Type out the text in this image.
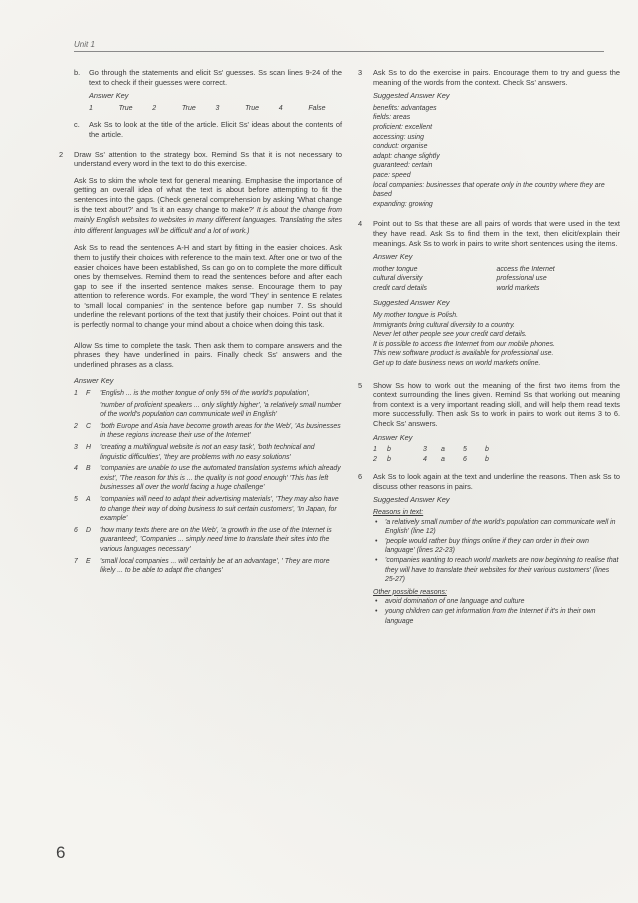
Unit 1
b. Go through the statements and elicit Ss' guesses. Ss scan lines 9-24 of the text to check if their guesses were correct.

Answer Key
1	True	2	True	3	True	4	False
c. Ask Ss to look at the title of the article. Elicit Ss' ideas about the contents of the article.

2 Draw Ss' attention to the strategy box. Remind Ss that it is not necessary to understand every word in the text to do this exercise.

Ask Ss to skim the whole text for general meaning. Emphasise the importance of getting an overall idea of what the text is about before attempting to fit the sentences into the gaps. (Check general comprehension by asking 'What change is the text about?' and 'Is it an easy change to make?' It is about the change from mainly English websites to websites in many different languages. Translating the sites into different languages will be difficult and a lot of work.)

Ask Ss to read the sentences A-H and start by fitting in the easier choices. Ask them to justify their choices with reference to the main text. After one or two of the easier choices have been established, Ss can go on to complete the more difficult ones by themselves. Remind them to read the sentences before and after each gap to see if the inserted sentence makes sense. Encourage them to pay attention to reference words. For example, the word 'They' in sentence E relates to 'small local companies' in the sentence before gap number 7. Ss should underline the relevant portions of the text that justify their choices. Point out that it is perfectly normal to change your mind about a choice when doing this task.

Allow Ss time to complete the task. Then ask them to compare answers and the phrases they have underlined in pairs. Finally check Ss' answers and the underlined phrases as a class.

Answer Key
1	F	'English ... is the mother tongue of only 5% of the world's population',
'number of proficient speakers ... only slightly higher', 'a relatively small number of the world's population can communicate well in English'
2	C	'both Europe and Asia have become growth areas for the Web', 'As businesses in these regions increase their use of the Internet'
3	H	'creating a multilingual website is not an easy task', 'both technical and linguistic difficulties', 'they are problems with no easy solutions'
4	B	'companies are unable to use the automated translation systems which already exist', 'The reason for this is ... the quality is not good enough' 'This has left businesses all over the world facing a huge challenge'
5	A	'companies will need to adapt their advertising materials', 'They may also have to change their way of doing business to suit certain customers', 'In Japan, for example'
6	D	'how many texts there are on the Web', 'a growth in the use of the Internet is guaranteed', 'Companies ... simply need time to translate their sites into the various languages necessary'
7	E	'small local companies ... will certainly be at an advantage', ' They are more likely ... to be able to adapt the changes'
3 Ask Ss to do the exercise in pairs. Encourage them to try and guess the meaning of the words from the context. Check Ss' answers.

Suggested Answer Key
benefits: advantages
fields: areas
proficient: excellent
accessing: using
conduct: organise
adapt: change slightly
guaranteed: certain
pace: speed
local companies: businesses that operate only in the country where they are based
expanding: growing
4 Point out to Ss that these are all pairs of words that were used in the text they have read. Ask Ss to find them in the text, then elicit/explain their meanings. Ask Ss to work in pairs to write short sentences using the items.

Answer Key
mother tongue	access the Internet
cultural diversity	professional use
credit card details	world markets
Suggested Answer Key
My mother tongue is Polish.
Immigrants bring cultural diversity to a country.
Never let other people see your credit card details.
It is possible to access the Internet from our mobile phones.
This new software product is available for professional use.
Get up to date business news on world markets online.
5 Show Ss how to work out the meaning of the first two items from the context surrounding the lines given. Remind Ss that working out meaning from context is a very important reading skill, and will help them read texts more successfully. Then ask Ss to work in pairs to work out items 3 to 6. Check Ss' answers.

Answer Key
1	b	3	a	5	b
2	b	4	a	6	b
6 Ask Ss to look again at the text and underline the reasons. Then ask Ss to discuss other reasons in pairs.

Suggested Answer Key
Reasons in text:
• 'a relatively small number of the world's population can communicate well in English' (line 12)
• 'people would rather buy things online if they can order in their own language' (lines 22-23)
• 'companies wanting to reach world markets are now beginning to realise that they will have to translate their websites for their various customers' (lines 25-27)
Other possible reasons:
• avoid domination of one language and culture
• young children can get information from the Internet if it's in their own language
6
